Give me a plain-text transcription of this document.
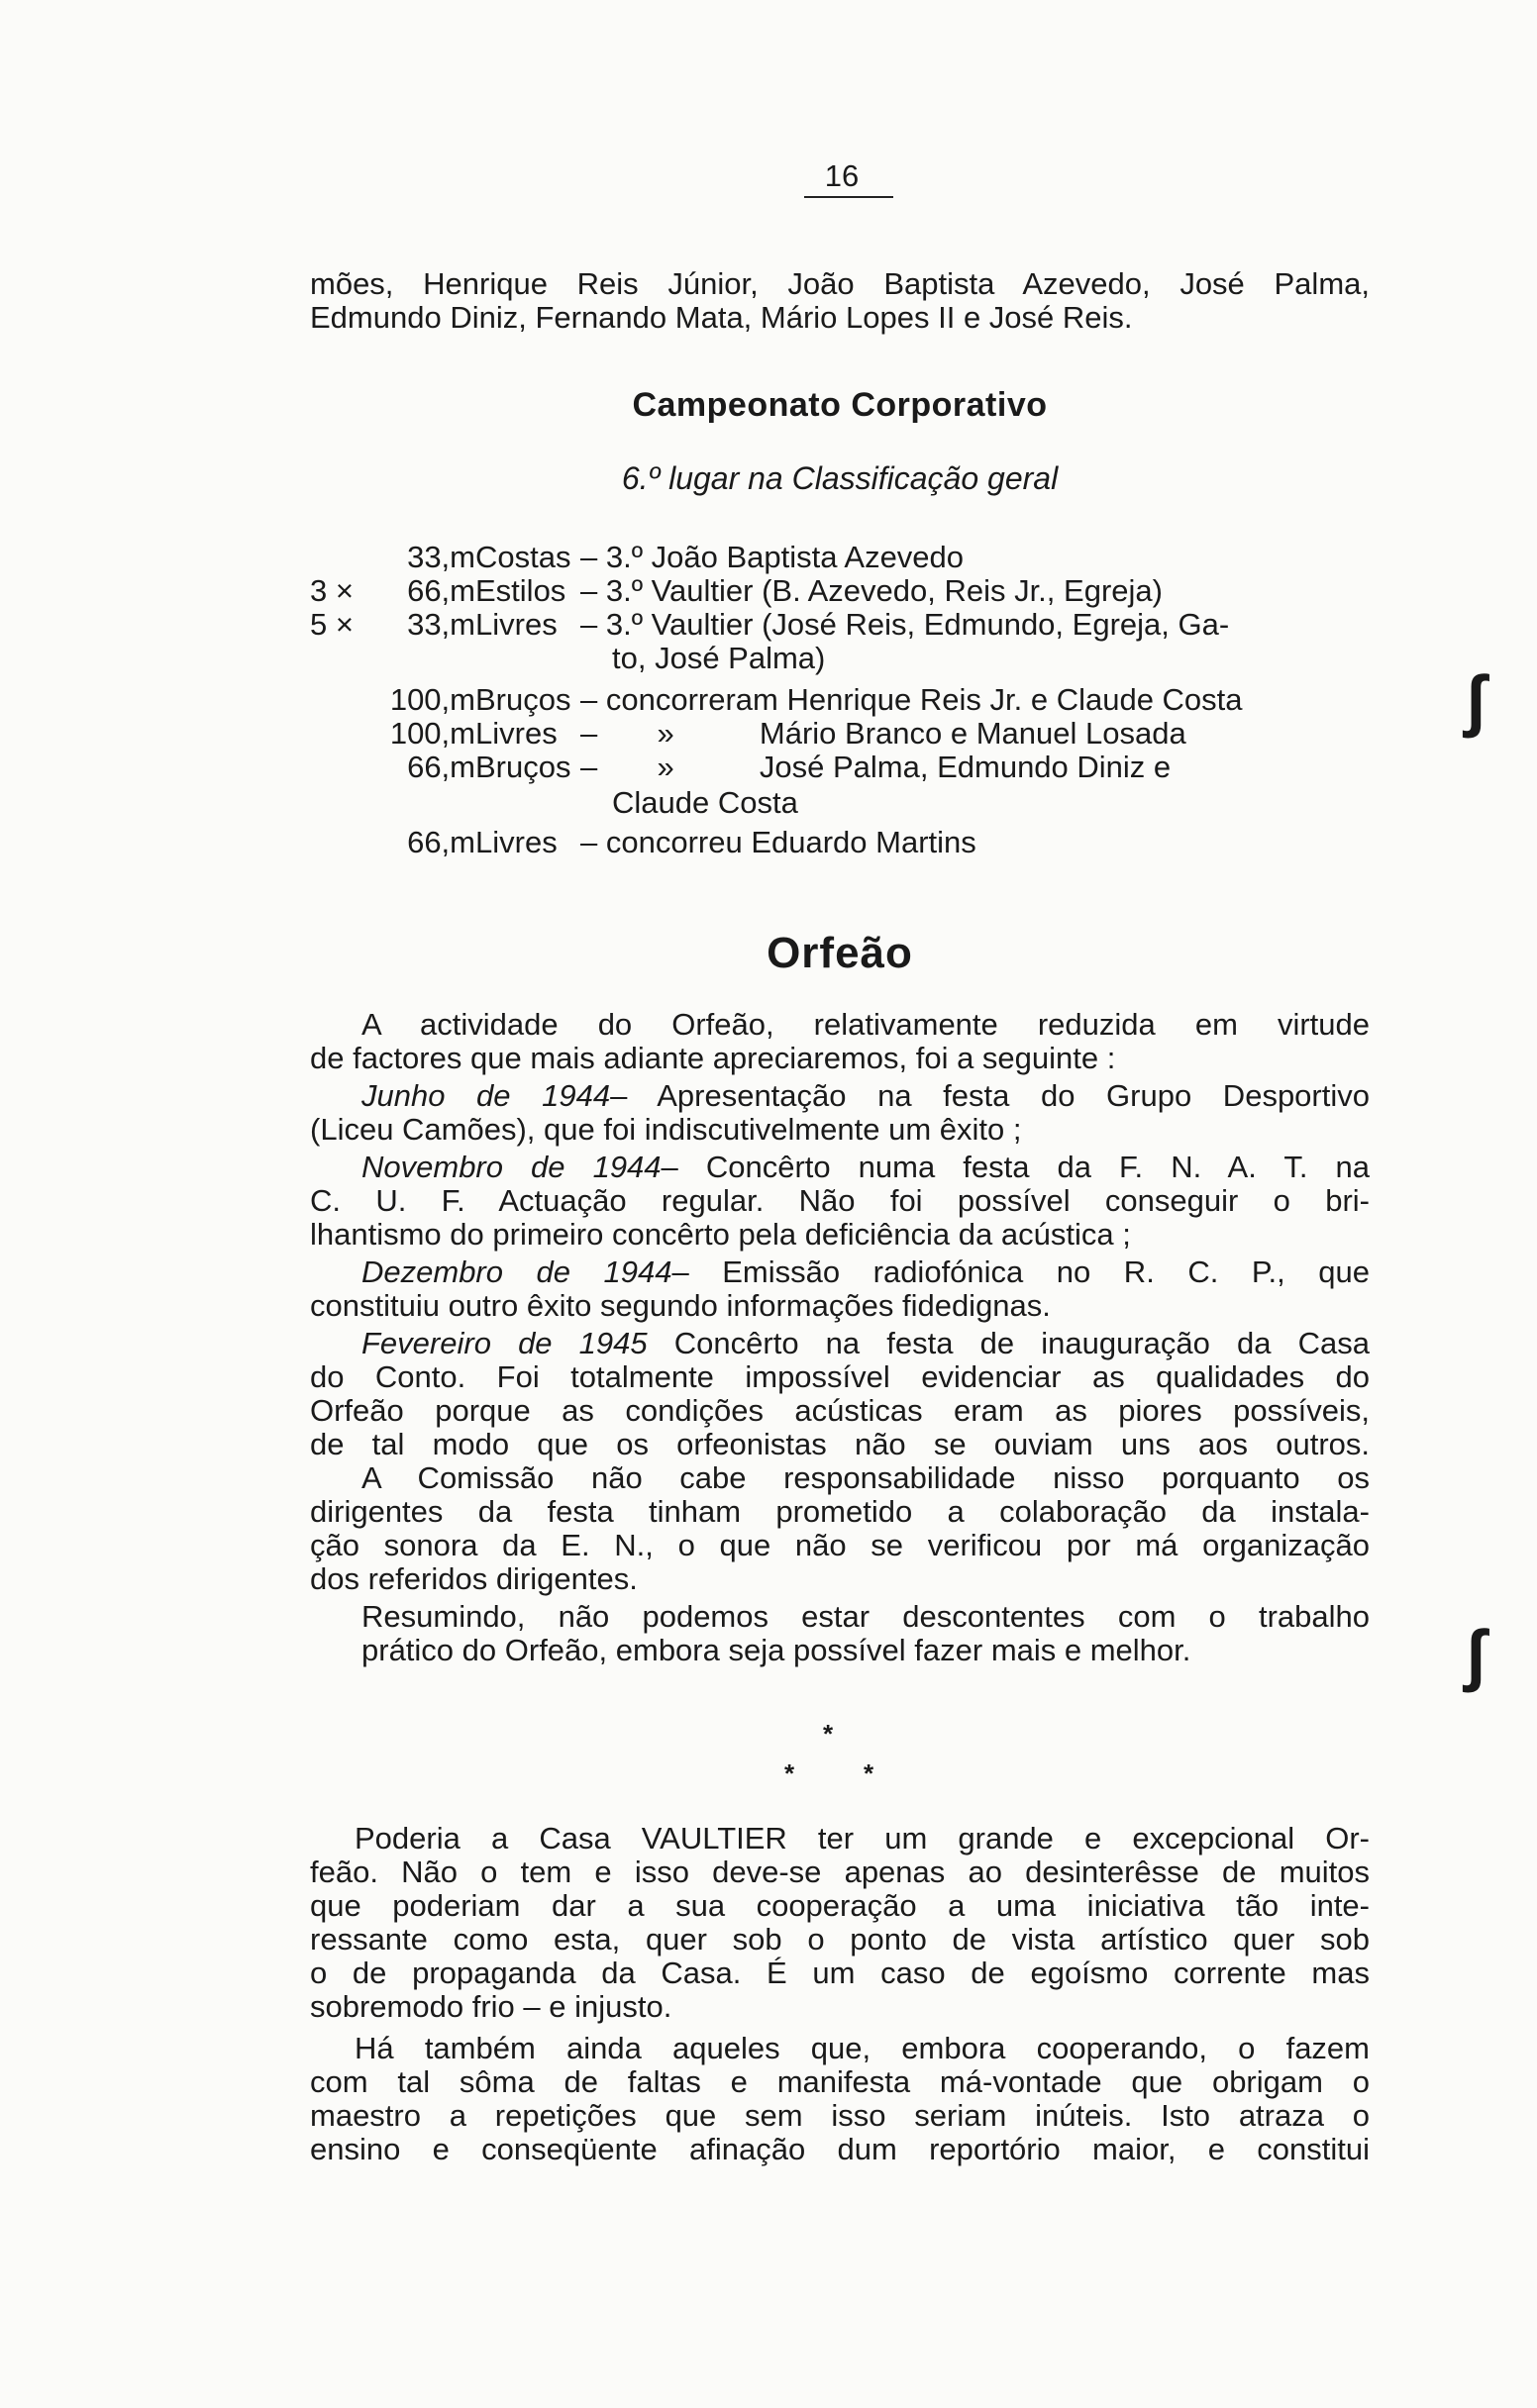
16
mões, Henrique Reis Júnior, João Baptista Azevedo, José Palma,
Edmundo Diniz, Fernando Mata, Mário Lopes II e José Reis.
Campeonato Corporativo
6.º lugar na Classificação geral
33,m Costas – 3.º João Baptista Azevedo
3 ×	66,m Estilos – 3.º Vaultier (B. Azevedo, Reis Jr., Egreja)
5 ×	33,m Livres – 3.º Vaultier (José Reis, Edmundo, Egreja, Ga-
to, José Palma)
100,m Bruços – concorreram Henrique Reis Jr. e Claude Costa
100,m Livres –       »          Mário Branco e Manuel Losada
66,m Bruços –       »          José Palma, Edmundo Diniz e
Claude Costa
66,m Livres – concorreu Eduardo Martins
Orfeão
A actividade do Orfeão, relativamente reduzida em virtude
de factores que mais adiante apreciaremos, foi a seguinte :
Junho de 1944– Apresentação na festa do Grupo Desportivo
(Liceu Camões), que foi indiscutivelmente um êxito ;
Novembro de 1944– Concêrto numa festa da F. N. A. T. na
C. U. F. Actuação regular. Não foi possível conseguir o bri-
lhantismo do primeiro concêrto pela deficiência da acústica ;
Dezembro de 1944– Emissão radiofónica no R. C. P., que
constituiu outro êxito segundo informações fidedignas.
Fevereiro de 1945 Concêrto na festa de inauguração da Casa
do Conto. Foi totalmente impossível evidenciar as qualidades do
Orfeão porque as condições acústicas eram as piores possíveis,
de tal modo que os orfeonistas não se ouviam uns aos outros.
A Comissão não cabe responsabilidade nisso porquanto os
dirigentes da festa tinham prometido a colaboração da instala-
ção sonora da E. N., o que não se verificou por má organização
dos referidos dirigentes.
Resumindo, não podemos estar descontentes com o trabalho
prático do Orfeão, embora seja possível fazer mais e melhor.
*
*	*
Poderia a Casa VAULTIER ter um grande e excepcional Or-
feão. Não o tem e isso deve-se apenas ao desinterêsse de muitos
que poderiam dar a sua cooperação a uma iniciativa tão inte-
ressante como esta, quer sob o ponto de vista artístico quer sob
o de propaganda da Casa. É um caso de egoísmo corrente mas
sobremodo frio – e injusto.
Há também ainda aqueles que, embora cooperando, o fazem
com tal sôma de faltas e manifesta má-vontade que obrigam o
maestro a repetições que sem isso seriam inúteis. Isto atraza o
ensino e conseqüente afinação dum reportório maior, e constitui
ʃ
ʃ
